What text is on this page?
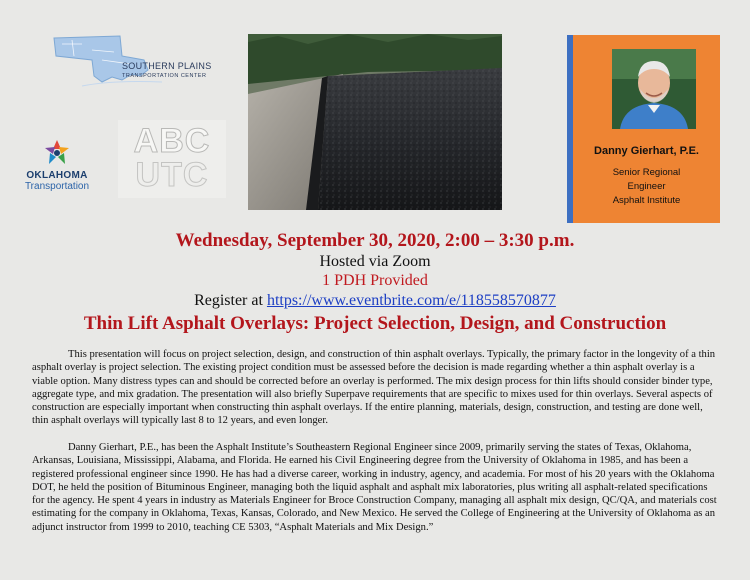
SOUTHERN PLAINS
TRANSPORTATION CENTER
OKLAHOMA
Transportation
ABC
UTC
Danny Gierhart, P.E.
Senior Regional
Engineer
Asphalt Institute
Wednesday, September 30, 2020, 2:00 – 3:30 p.m.
Hosted via Zoom
1 PDH Provided
Register at https://www.eventbrite.com/e/118558570877
Thin Lift Asphalt Overlays: Project Selection, Design, and Construction

This presentation will focus on project selection, design, and construction of thin asphalt overlays. Typically, the primary factor in the longevity of a thin asphalt overlay is project selection. The existing project condition must be assessed before the decision is made regarding whether a thin asphalt overlay is a viable option. Many distress types can and should be corrected before an overlay is performed. The mix design process for thin lifts should consider binder type, aggregate type, and mix gradation. The presentation will also briefly Superpave requirements that are specific to mixes used for thin overlays. Several aspects of construction are especially important when constructing thin asphalt overlays. If the entire planning, materials, design, construction, and testing are done well, thin asphalt overlays will typically last 8 to 12 years, and even longer.

Danny Gierhart, P.E., has been the Asphalt Institute’s Southeastern Regional Engineer since 2009, primarily serving the states of Texas, Oklahoma, Arkansas, Louisiana, Mississippi, Alabama, and Florida. He earned his Civil Engineering degree from the University of Oklahoma in 1985, and has been a registered professional engineer since 1990. He has had a diverse career, working in industry, agency, and academia. For most of his 20 years with the Oklahoma DOT, he held the position of Bituminous Engineer, managing both the liquid asphalt and asphalt mix laboratories, plus writing all asphalt-related specifications for the agency. He spent 4 years in industry as Materials Engineer for Broce Construction Company, managing all asphalt mix design, QC/QA, and materials cost estimating for the company in Oklahoma, Texas, Kansas, Colorado, and New Mexico. He served the College of Engineering at the University of Oklahoma as an adjunct instructor from 1999 to 2010, teaching CE 5303, “Asphalt Materials and Mix Design.”
